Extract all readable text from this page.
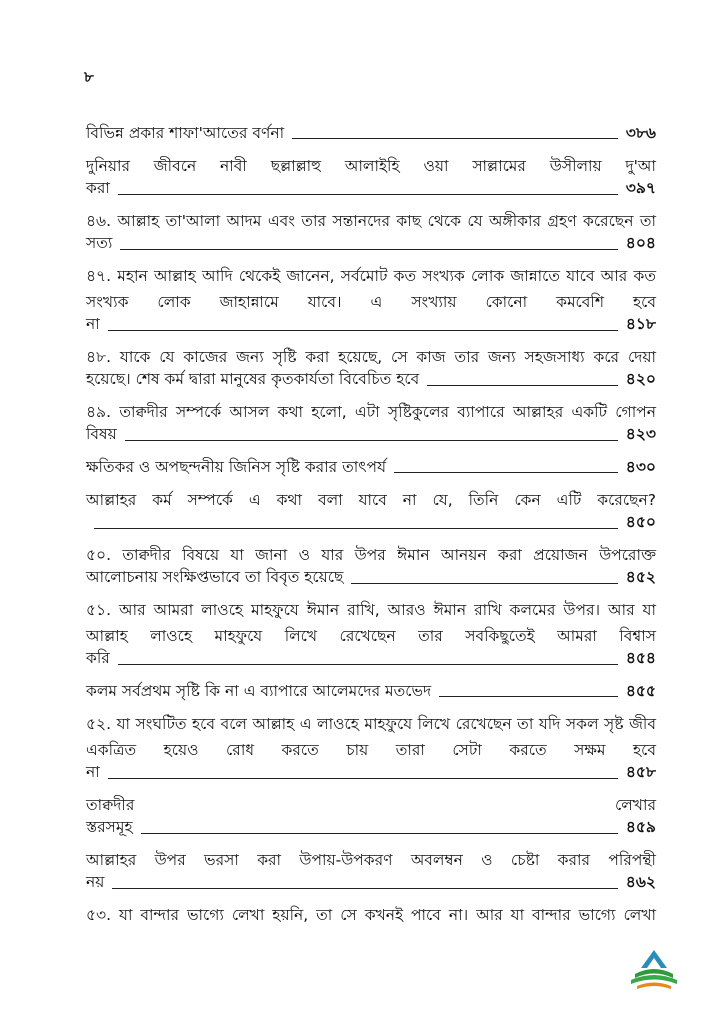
৮
বিভিন্ন প্রকার শাফা'আতের বর্ণনা	৩৮৬
দুনিয়ার জীবনে নাবী ছল্লাল্লাহু আলাইহি ওয়া সাল্লামের উসীলায় দু'আ
করা	৩৯৭
৪৬. আল্লাহ তা'আলা আদম এবং তার সন্তানদের কাছ থেকে যে অঙ্গীকার গ্রহণ করেছেন তা
সত্য	৪০৪
৪৭. মহান আল্লাহ আদি থেকেই জানেন, সর্বমোট কত সংখ্যক লোক জান্নাতে যাবে আর কত সংখ্যক লোক জাহান্নামে যাবে। এ সংখ্যায় কোনো কমবেশি হবে
না	৪১৮
৪৮. যাকে যে কাজের জন্য সৃষ্টি করা হয়েছে, সে কাজ তার জন্য সহজসাধ্য করে দেয়া
হয়েছে। শেষ কর্ম দ্বারা মানুষের কৃতকার্যতা বিবেচিত হবে	৪২০
৪৯. তাক্বদীর সম্পর্কে আসল কথা হলো, এটা সৃষ্টিকুলের ব্যাপারে আল্লাহর একটি গোপন
বিষয়	৪২৩
ক্ষতিকর ও অপছন্দনীয় জিনিস সৃষ্টি করার তাৎপর্য	৪৩০
আল্লাহর কর্ম সম্পর্কে এ কথা বলা যাবে না যে, তিনি কেন এটি করেছেন?
৪৫০
৫০. তাক্বদীর বিষয়ে যা জানা ও যার উপর ঈমান আনয়ন করা প্রয়োজন উপরোক্ত
আলোচনায় সংক্ষিপ্তভাবে তা বিবৃত হয়েছে	৪৫২
৫১. আর আমরা লাওহে মাহফুযে ঈমান রাখি, আরও ঈমান রাখি কলমের উপর। আর যা আল্লাহ লাওহে মাহফুযে লিখে রেখেছেন তার সবকিছুতেই আমরা বিশ্বাস
করি	৪৫৪
কলম সর্বপ্রথম সৃষ্টি কি না এ ব্যাপারে আলেমদের মতভেদ	৪৫৫
৫২. যা সংঘটিত হবে বলে আল্লাহ এ লাওহে মাহফুযে লিখে রেখেছেন তা যদি সকল সৃষ্ট জীব একত্রিত হয়েও রোধ করতে চায় তারা সেটা করতে সক্ষম হবে
না	৪৫৮
তাক্বদীর লেখার
স্তরসমূহ	৪৫৯
আল্লাহর উপর ভরসা করা উপায়-উপকরণ অবলম্বন ও চেষ্টা করার পরিপন্থী
নয়	৪৬২
৫৩. যা বান্দার ভাগ্যে লেখা হয়নি, তা সে কখনই পাবে না। আর যা বান্দার ভাগ্যে লেখা
